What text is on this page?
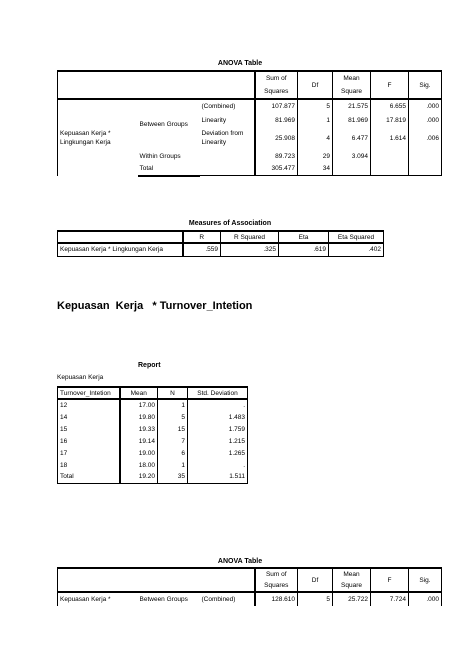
ANOVA Table
			Sum of	Df	Mean	F	Sig.
			Squares		Square		

Kepuasan Kerja *
Lingkungan Kerja	Between Groups	(Combined)	107.877	5	21.575	6.655	.000
		Linearity	81.969	1	81.969	17.819	.000

		Deviation from
Linearity	25.908	4	6.477	1.614	.006

	Within Groups		89.723	29	3.094		
	Total		305.477	34			

Measures of Association
	R	R Squared	Eta	Eta Squared
Kepuasan Kerja * Lingkungan Kerja	.559	.325	.619	.402
Kepuasan  Kerja   * Turnover_Intetion
Report
Kepuasan Kerja
Turnover_Intetion	Mean	N	Std. Deviation
12	17.00	1	.
14	19.80	5	1.483
15	19.33	15	1.759
16	19.14	7	1.215
17	19.00	6	1.265
18	18.00	1	.
Total	19.20	35	1.511
ANOVA Table
			Sum of	Df	Mean	F	Sig.
			Squares		Square		
Kepuasan Kerja *	Between Groups	(Combined)	128.610	5	25.722	7.724	.000
